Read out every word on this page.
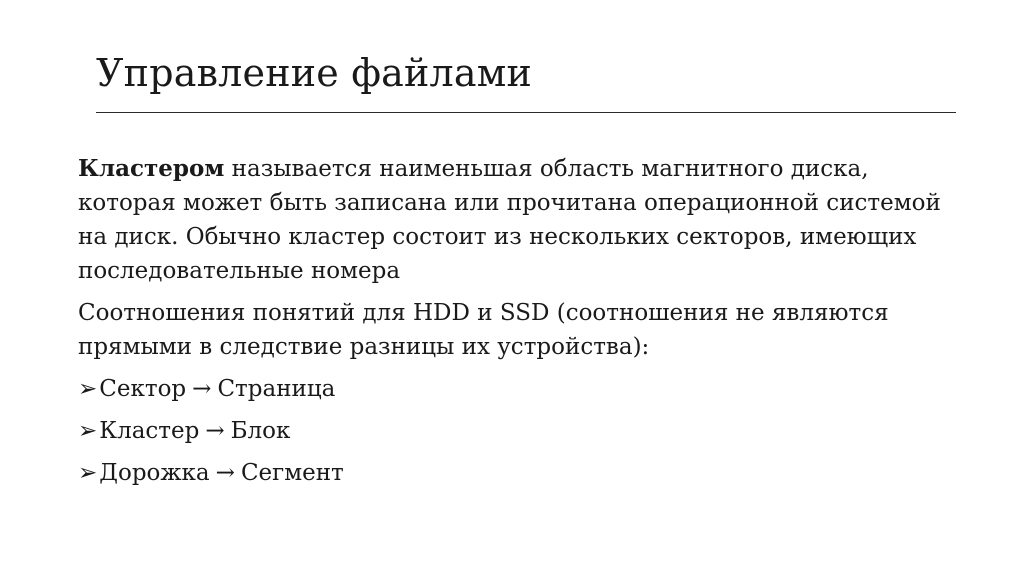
Управление файлами

Кластером называется наименьшая область магнитного диска, которая может быть записана или прочитана операционной системой на диск. Обычно кластер состоит из нескольких секторов, имеющих последовательные номера

Соотношения понятий для HDD и SSD (соотношения не являются прямыми в следствие разницы их устройства):

➢Сектор → Страница
➢Кластер → Блок
➢Дорожка → Сегмент
